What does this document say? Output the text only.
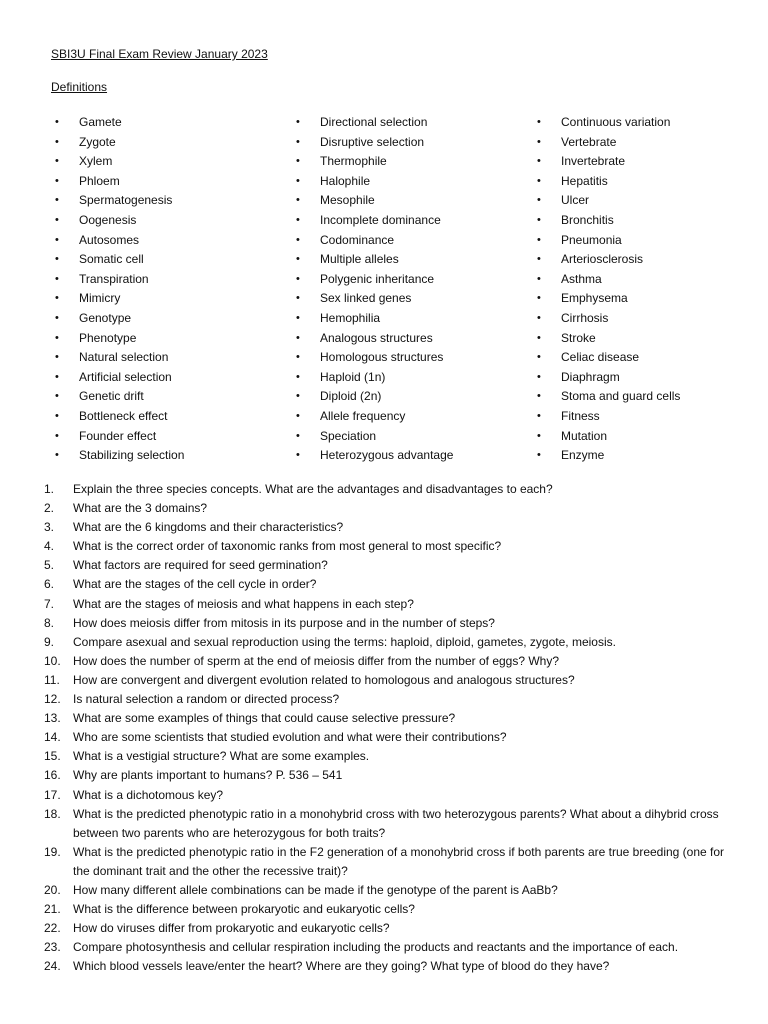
SBI3U Final Exam Review January 2023
Definitions
• Gamete
• Zygote
• Xylem
• Phloem
• Spermatogenesis
• Oogenesis
• Autosomes
• Somatic cell
• Transpiration
• Mimicry
• Genotype
• Phenotype
• Natural selection
• Artificial selection
• Genetic drift
• Bottleneck effect
• Founder effect
• Stabilizing selection
• Directional selection
• Disruptive selection
• Thermophile
• Halophile
• Mesophile
• Incomplete dominance
• Codominance
• Multiple alleles
• Polygenic inheritance
• Sex linked genes
• Hemophilia
• Analogous structures
• Homologous structures
• Haploid (1n)
• Diploid (2n)
• Allele frequency
• Speciation
• Heterozygous advantage
• Continuous variation
• Vertebrate
• Invertebrate
• Hepatitis
• Ulcer
• Bronchitis
• Pneumonia
• Arteriosclerosis
• Asthma
• Emphysema
• Cirrhosis
• Stroke
• Celiac disease
• Diaphragm
• Stoma and guard cells
• Fitness
• Mutation
• Enzyme
1. Explain the three species concepts. What are the advantages and disadvantages to each?
2. What are the 3 domains?
3. What are the 6 kingdoms and their characteristics?
4. What is the correct order of taxonomic ranks from most general to most specific?
5. What factors are required for seed germination?
6. What are the stages of the cell cycle in order?
7. What are the stages of meiosis and what happens in each step?
8. How does meiosis differ from mitosis in its purpose and in the number of steps?
9. Compare asexual and sexual reproduction using the terms: haploid, diploid, gametes, zygote, meiosis.
10. How does the number of sperm at the end of meiosis differ from the number of eggs? Why?
11. How are convergent and divergent evolution related to homologous and analogous structures?
12. Is natural selection a random or directed process?
13. What are some examples of things that could cause selective pressure?
14. Who are some scientists that studied evolution and what were their contributions?
15. What is a vestigial structure? What are some examples.
16. Why are plants important to humans? P. 536 – 541
17. What is a dichotomous key?
18. What is the predicted phenotypic ratio in a monohybrid cross with two heterozygous parents? What about a dihybrid cross between two parents who are heterozygous for both traits?
19. What is the predicted phenotypic ratio in the F2 generation of a monohybrid cross if both parents are true breeding (one for the dominant trait and the other the recessive trait)?
20. How many different allele combinations can be made if the genotype of the parent is AaBb?
21. What is the difference between prokaryotic and eukaryotic cells?
22. How do viruses differ from prokaryotic and eukaryotic cells?
23. Compare photosynthesis and cellular respiration including the products and reactants and the importance of each.
24. Which blood vessels leave/enter the heart? Where are they going? What type of blood do they have?
